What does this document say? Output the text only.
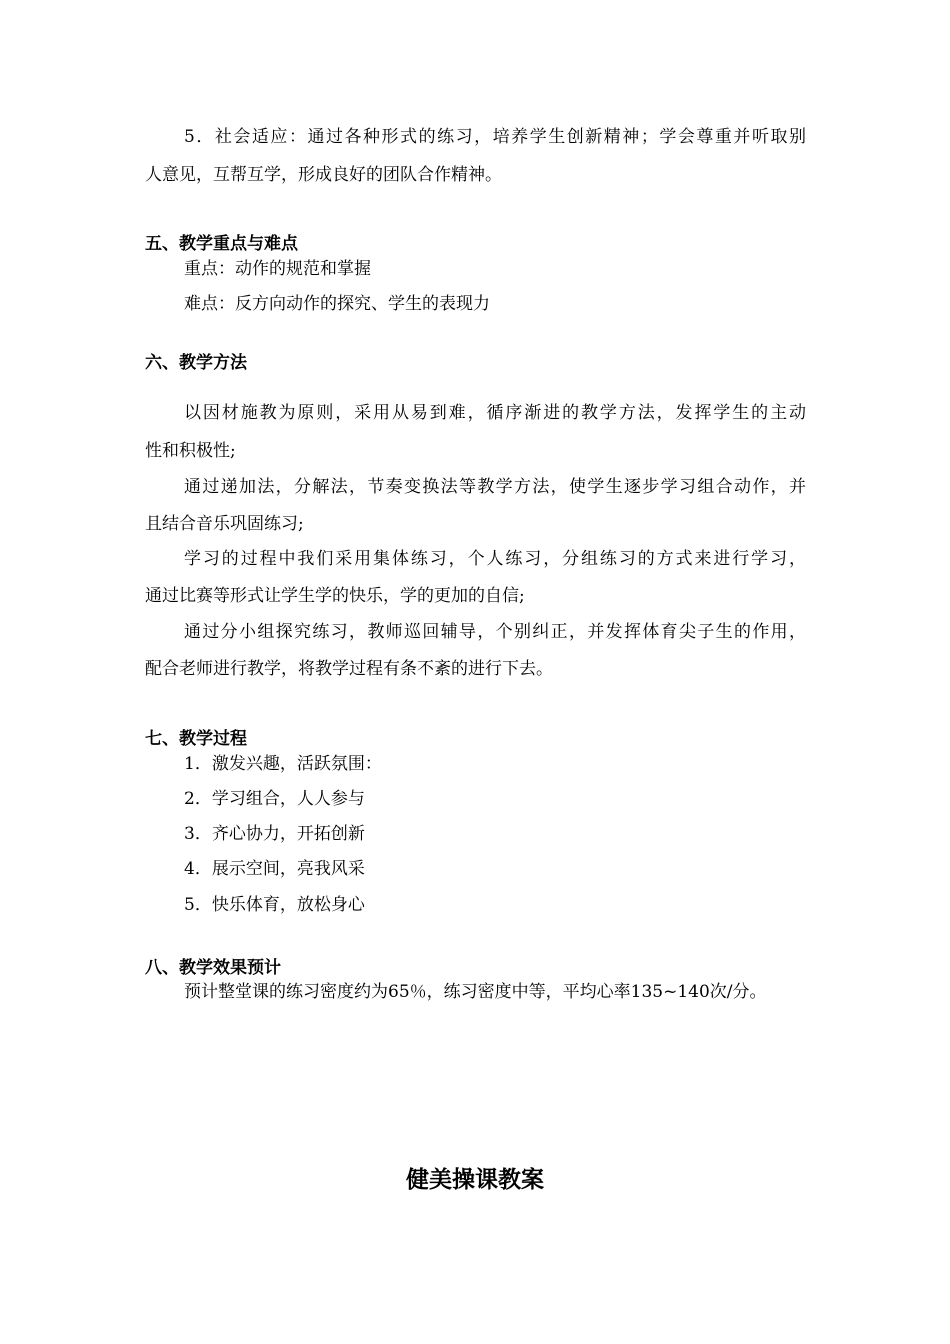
5．社会适应：通过各种形式的练习，培养学生创新精神；学会尊重并听取别
人意见，互帮互学，形成良好的团队合作精神。
五、教学重点与难点
重点：动作的规范和掌握
难点：反方向动作的探究、学生的表现力
六、教学方法
以因材施教为原则，采用从易到难，循序渐进的教学方法，发挥学生的主动
性和积极性;
通过递加法，分解法，节奏变换法等教学方法，使学生逐步学习组合动作，并
且结合音乐巩固练习;
学习的过程中我们采用集体练习，个人练习，分组练习的方式来进行学习，
通过比赛等形式让学生学的快乐，学的更加的自信;
通过分小组探究练习，教师巡回辅导，个别纠正，并发挥体育尖子生的作用，
配合老师进行教学，将教学过程有条不紊的进行下去。
七、教学过程
1．激发兴趣，活跃氛围：
2．学习组合，人人参与
3．齐心协力，开拓创新
4．展示空间，亮我风采
5．快乐体育，放松身心
八、教学效果预计
预计整堂课的练习密度约为65％，练习密度中等，平均心率135~140次/分。
健美操课教案
